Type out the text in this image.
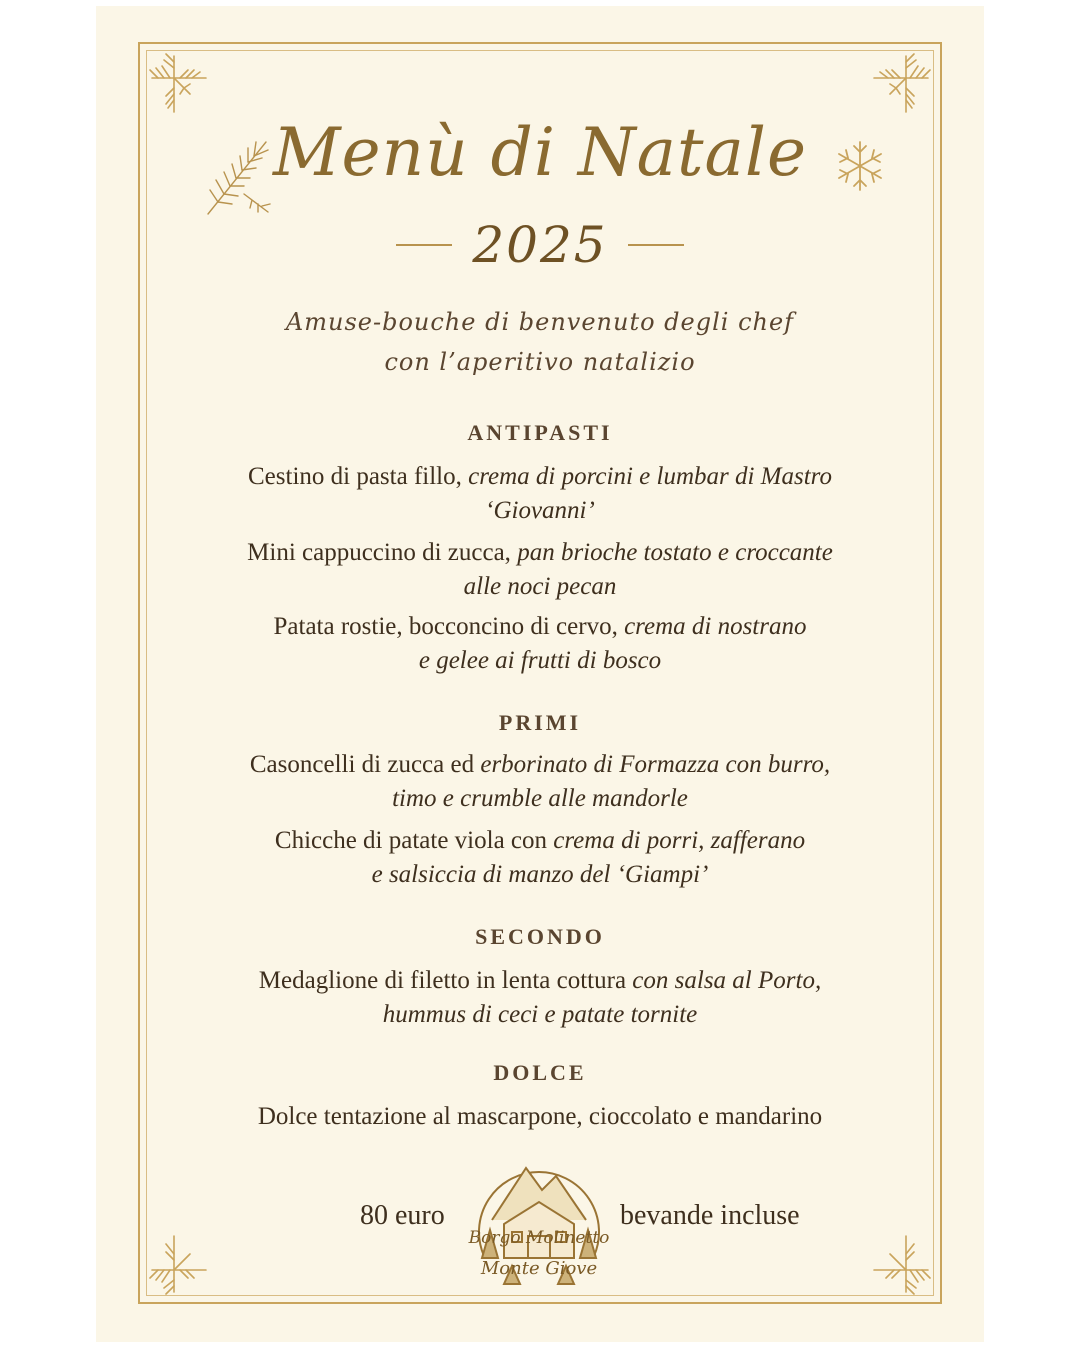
Menù di Natale
2025
Amuse-bouche di benvenuto degli chef
con l’aperitivo natalizio
ANTIPASTI
Cestino di pasta fillo, crema di porcini e lumbar di Mastro
‘Giovanni’
Mini cappuccino di zucca, pan brioche tostato e croccante
alle noci pecan
Patata rostie, bocconcino di cervo, crema di nostrano
e gelee ai frutti di bosco
PRIMI
Casoncelli di zucca ed erborinato di Formazza con burro,
timo e crumble alle mandorle
Chicche di patate viola con crema di porri, zafferano
e salsiccia di manzo del ‘Giampi’
SECONDO
Medaglione di filetto in lenta cottura con salsa al Porto,
hummus di ceci e patate tornite
DOLCE
Dolce tentazione al mascarpone, cioccolato e mandarino
80 euro
Borgo Molinetto
Monte Giove
bevande incluse
